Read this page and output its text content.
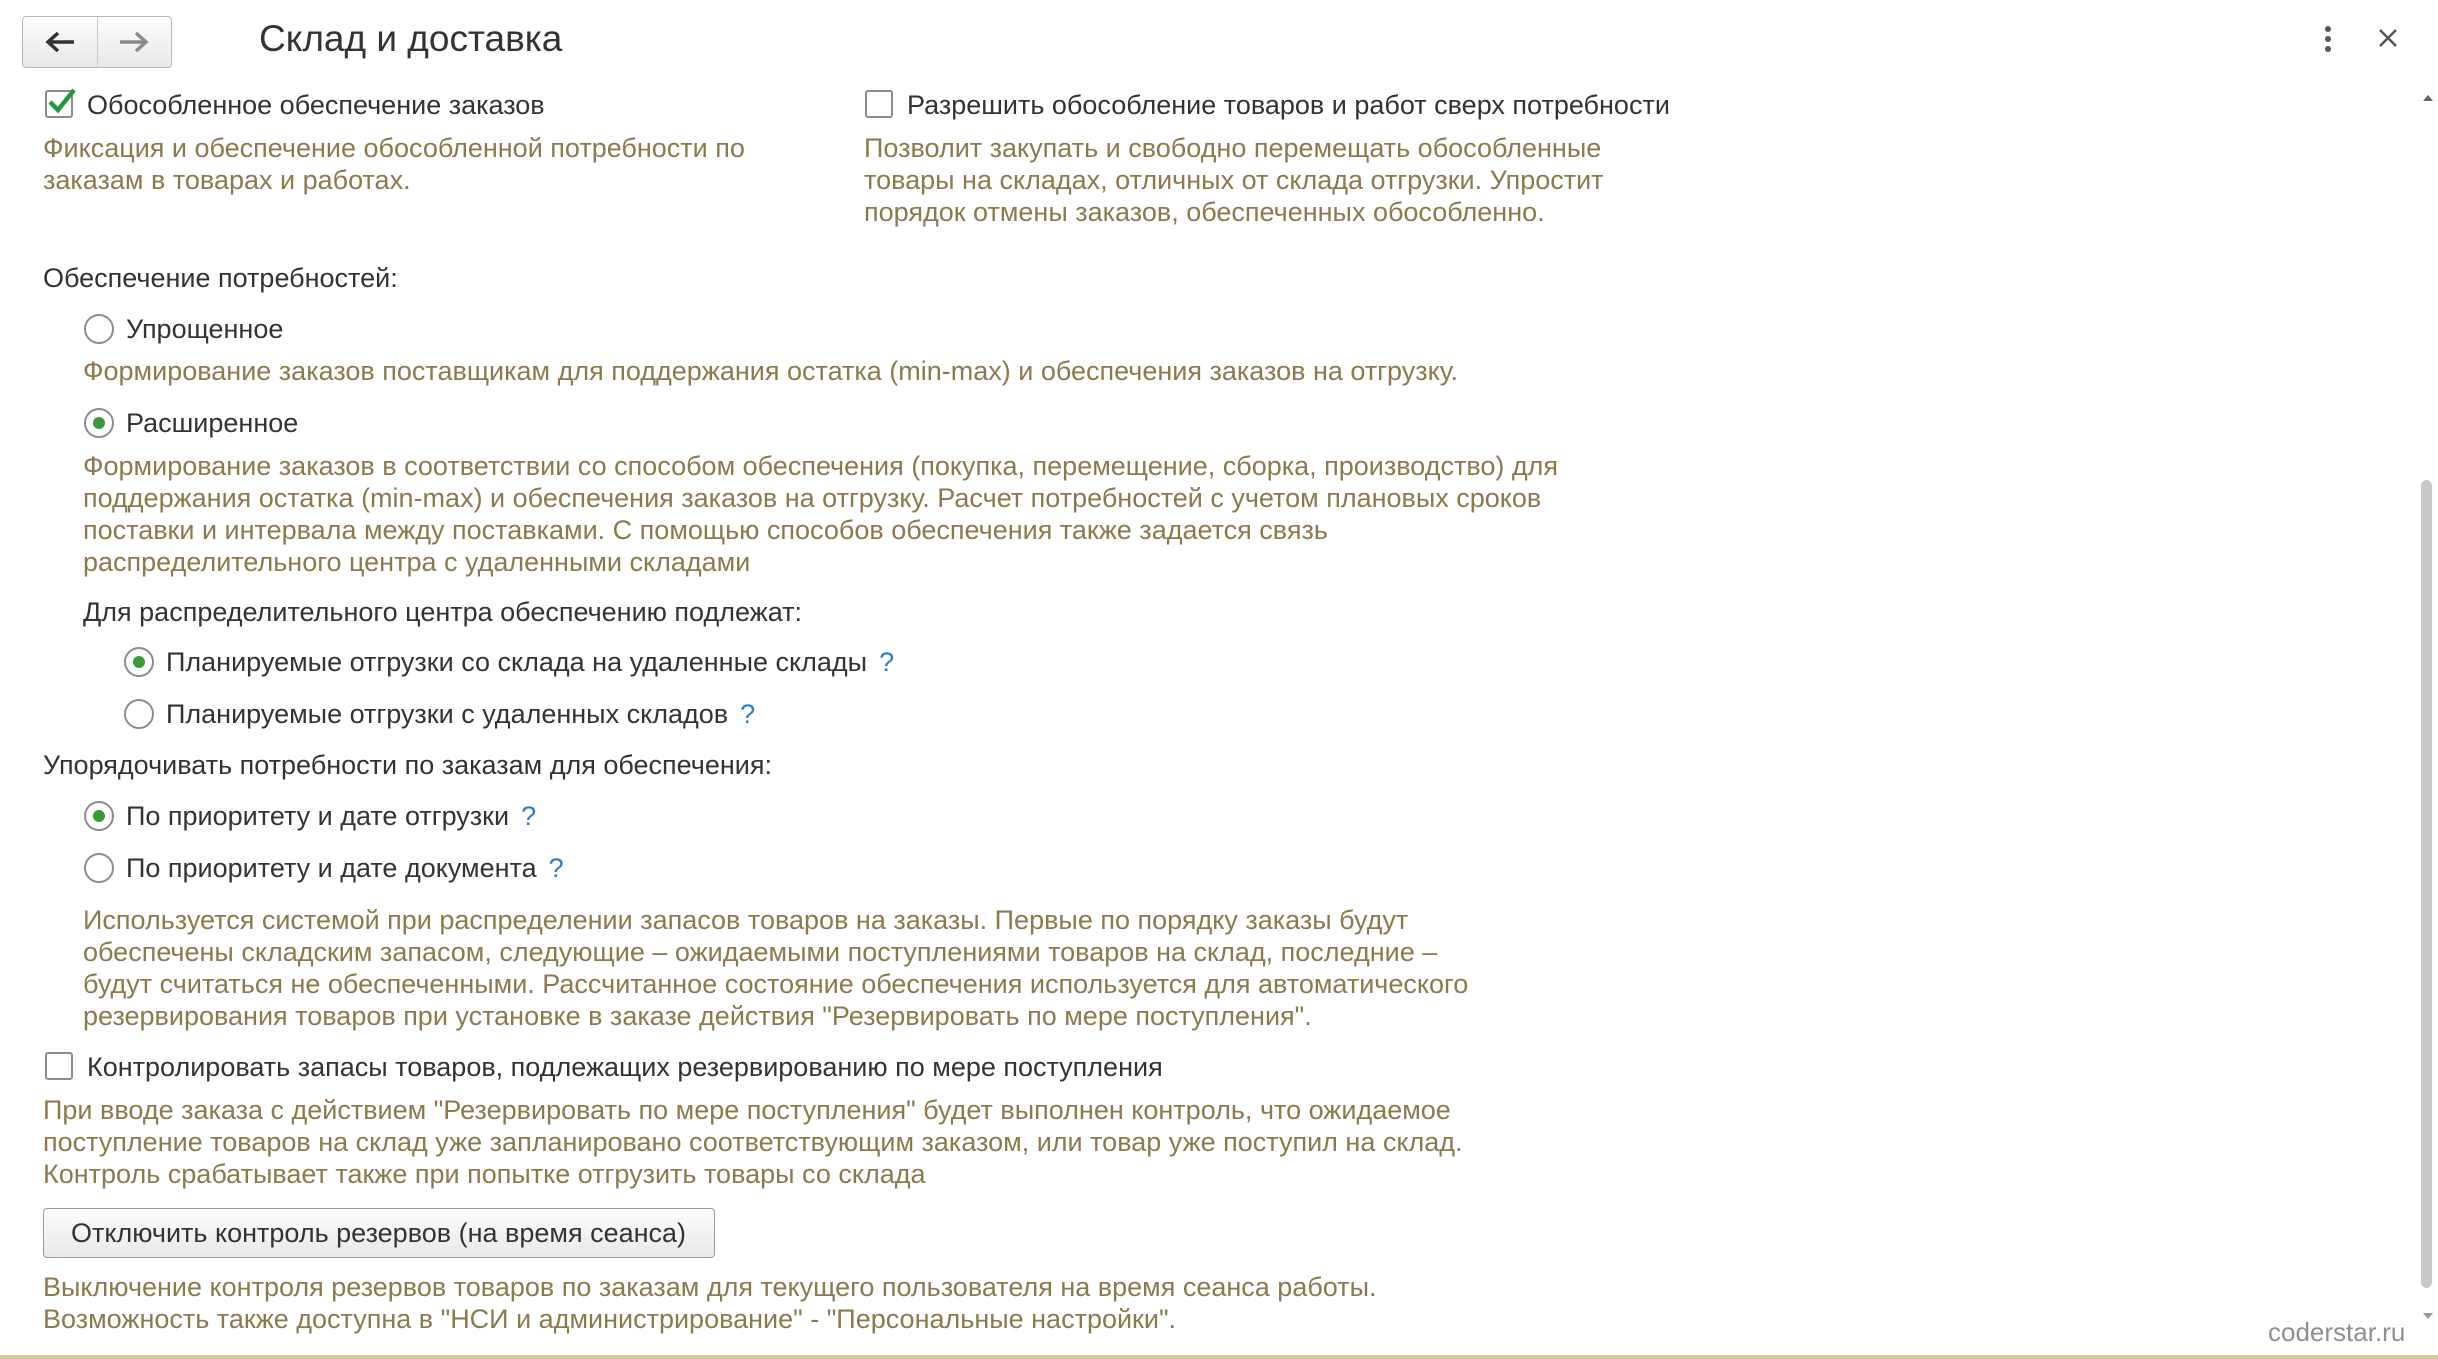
Склад и доставка
Обособленное обеспечение заказов
Фиксация и обеспечение обособленной потребности по
заказам в товарах и работах.
Разрешить обособление товаров и работ сверх потребности
Позволит закупать и свободно перемещать обособленные
товары на складах, отличных от склада отгрузки. Упростит
порядок отмены заказов, обеспеченных обособленно.
Обеспечение потребностей:
Упрощенное
Формирование заказов поставщикам для поддержания остатка (min-max) и обеспечения заказов на отгрузку.
Расширенное
Формирование заказов в соответствии со способом обеспечения (покупка, перемещение, сборка, производство) для
поддержания остатка (min-max) и обеспечения заказов на отгрузку. Расчет потребностей с учетом плановых сроков
поставки и интервала между поставками. С помощью способов обеспечения также задается связь
распределительного центра с удаленными складами
Для распределительного центра обеспечению подлежат:
Планируемые отгрузки со склада на удаленные склады ?
Планируемые отгрузки с удаленных складов ?
Упорядочивать потребности по заказам для обеспечения:
По приоритету и дате отгрузки ?
По приоритету и дате документа ?
Используется системой при распределении запасов товаров на заказы. Первые по порядку заказы будут
обеспечены складским запасом, следующие – ожидаемыми поступлениями товаров на склад, последние –
будут считаться не обеспеченными. Рассчитанное состояние обеспечения используется для автоматического
резервирования товаров при установке в заказе действия "Резервировать по мере поступления".
Контролировать запасы товаров, подлежащих резервированию по мере поступления
При вводе заказа с действием "Резервировать по мере поступления" будет выполнен контроль, что ожидаемое
поступление товаров на склад уже запланировано соответствующим заказом, или товар уже поступил на склад.
Контроль срабатывает также при попытке отгрузить товары со склада
Отключить контроль резервов (на время сеанса)
Выключение контроля резервов товаров по заказам для текущего пользователя на время сеанса работы.
Возможность также доступна в "НСИ и администрирование" - "Персональные настройки".	coderstar.ru
